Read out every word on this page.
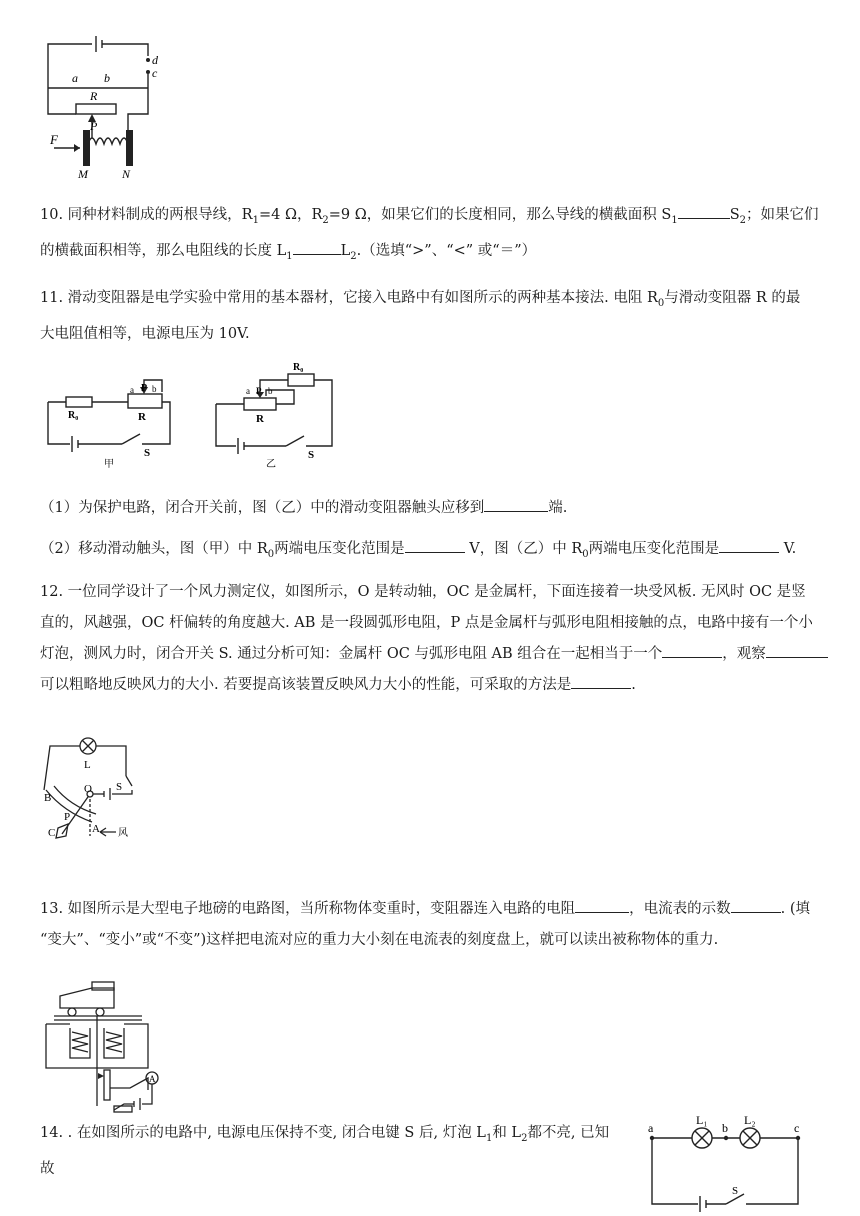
a b	c
d
R
P
F
M	N
10. 同种材料制成的两根导线，$R_1=4$ Ω，$R_2=9$ Ω，如果它们的长度相同，那么导线的横截面积 $S_1$	$S_2$；如果它们
的横截面积相等，那么电阻线的长度 $L_1$	$L_2$.（选填“>”、“<” 或“＝”）
11. 滑动变阻器是电学实验中常用的基本器材，它接入电路中有如图所示的两种基本接法. 电阻 $R_0$与滑动变阻器 R 的最
大电阻值相等，电源电压为 10V.
R₀	R
P
a b
S
甲
R₀
R
P
a b
S
乙
（1）为保护电路，闭合开关前，图（乙）中的滑动变阻器触头应移到	端.
（2）移动滑动触头，图（甲）中 $R_0$两端电压变化范围是	V，图（乙）中 $R_0$两端电压变化范围是	V.
12. 一位同学设计了一个风力测定仪，如图所示，O 是转动轴，OC 是金属杆，下面连接着一块受风板. 无风时 OC 是竖
直的，风越强，OC 杆偏转的角度越大. AB 是一段圆弧形电阻，P 点是金属杆与弧形电阻相接触的点，电路中接有一个小
灯泡，测风力时，闭合开关 S. 通过分析可知：金属杆 OC 与弧形电阻 AB 组合在一起相当于一个	，观察
可以粗略地反映风力的大小. 若要提高该装置反映风力大小的性能，可采取的方法是	.
L
S
B
O
P
C	A 风
13. 如图所示是大型电子地磅的电路图，当所称物体变重时，变阻器连入电路的电阻	，电流表的示数	. (填
“变大”、“变小”或“不变”)这样把电流对应的重力大小刻在电流表的刻度盘上，就可以读出被称物体的重力.
A
14. . 在如图所示的电路中, 电源电压保持不变, 闭合电键 S 后, 灯泡 $L_1$和 $L_2$都不亮, 已知故
a	b	c
L₁	L₂
S
